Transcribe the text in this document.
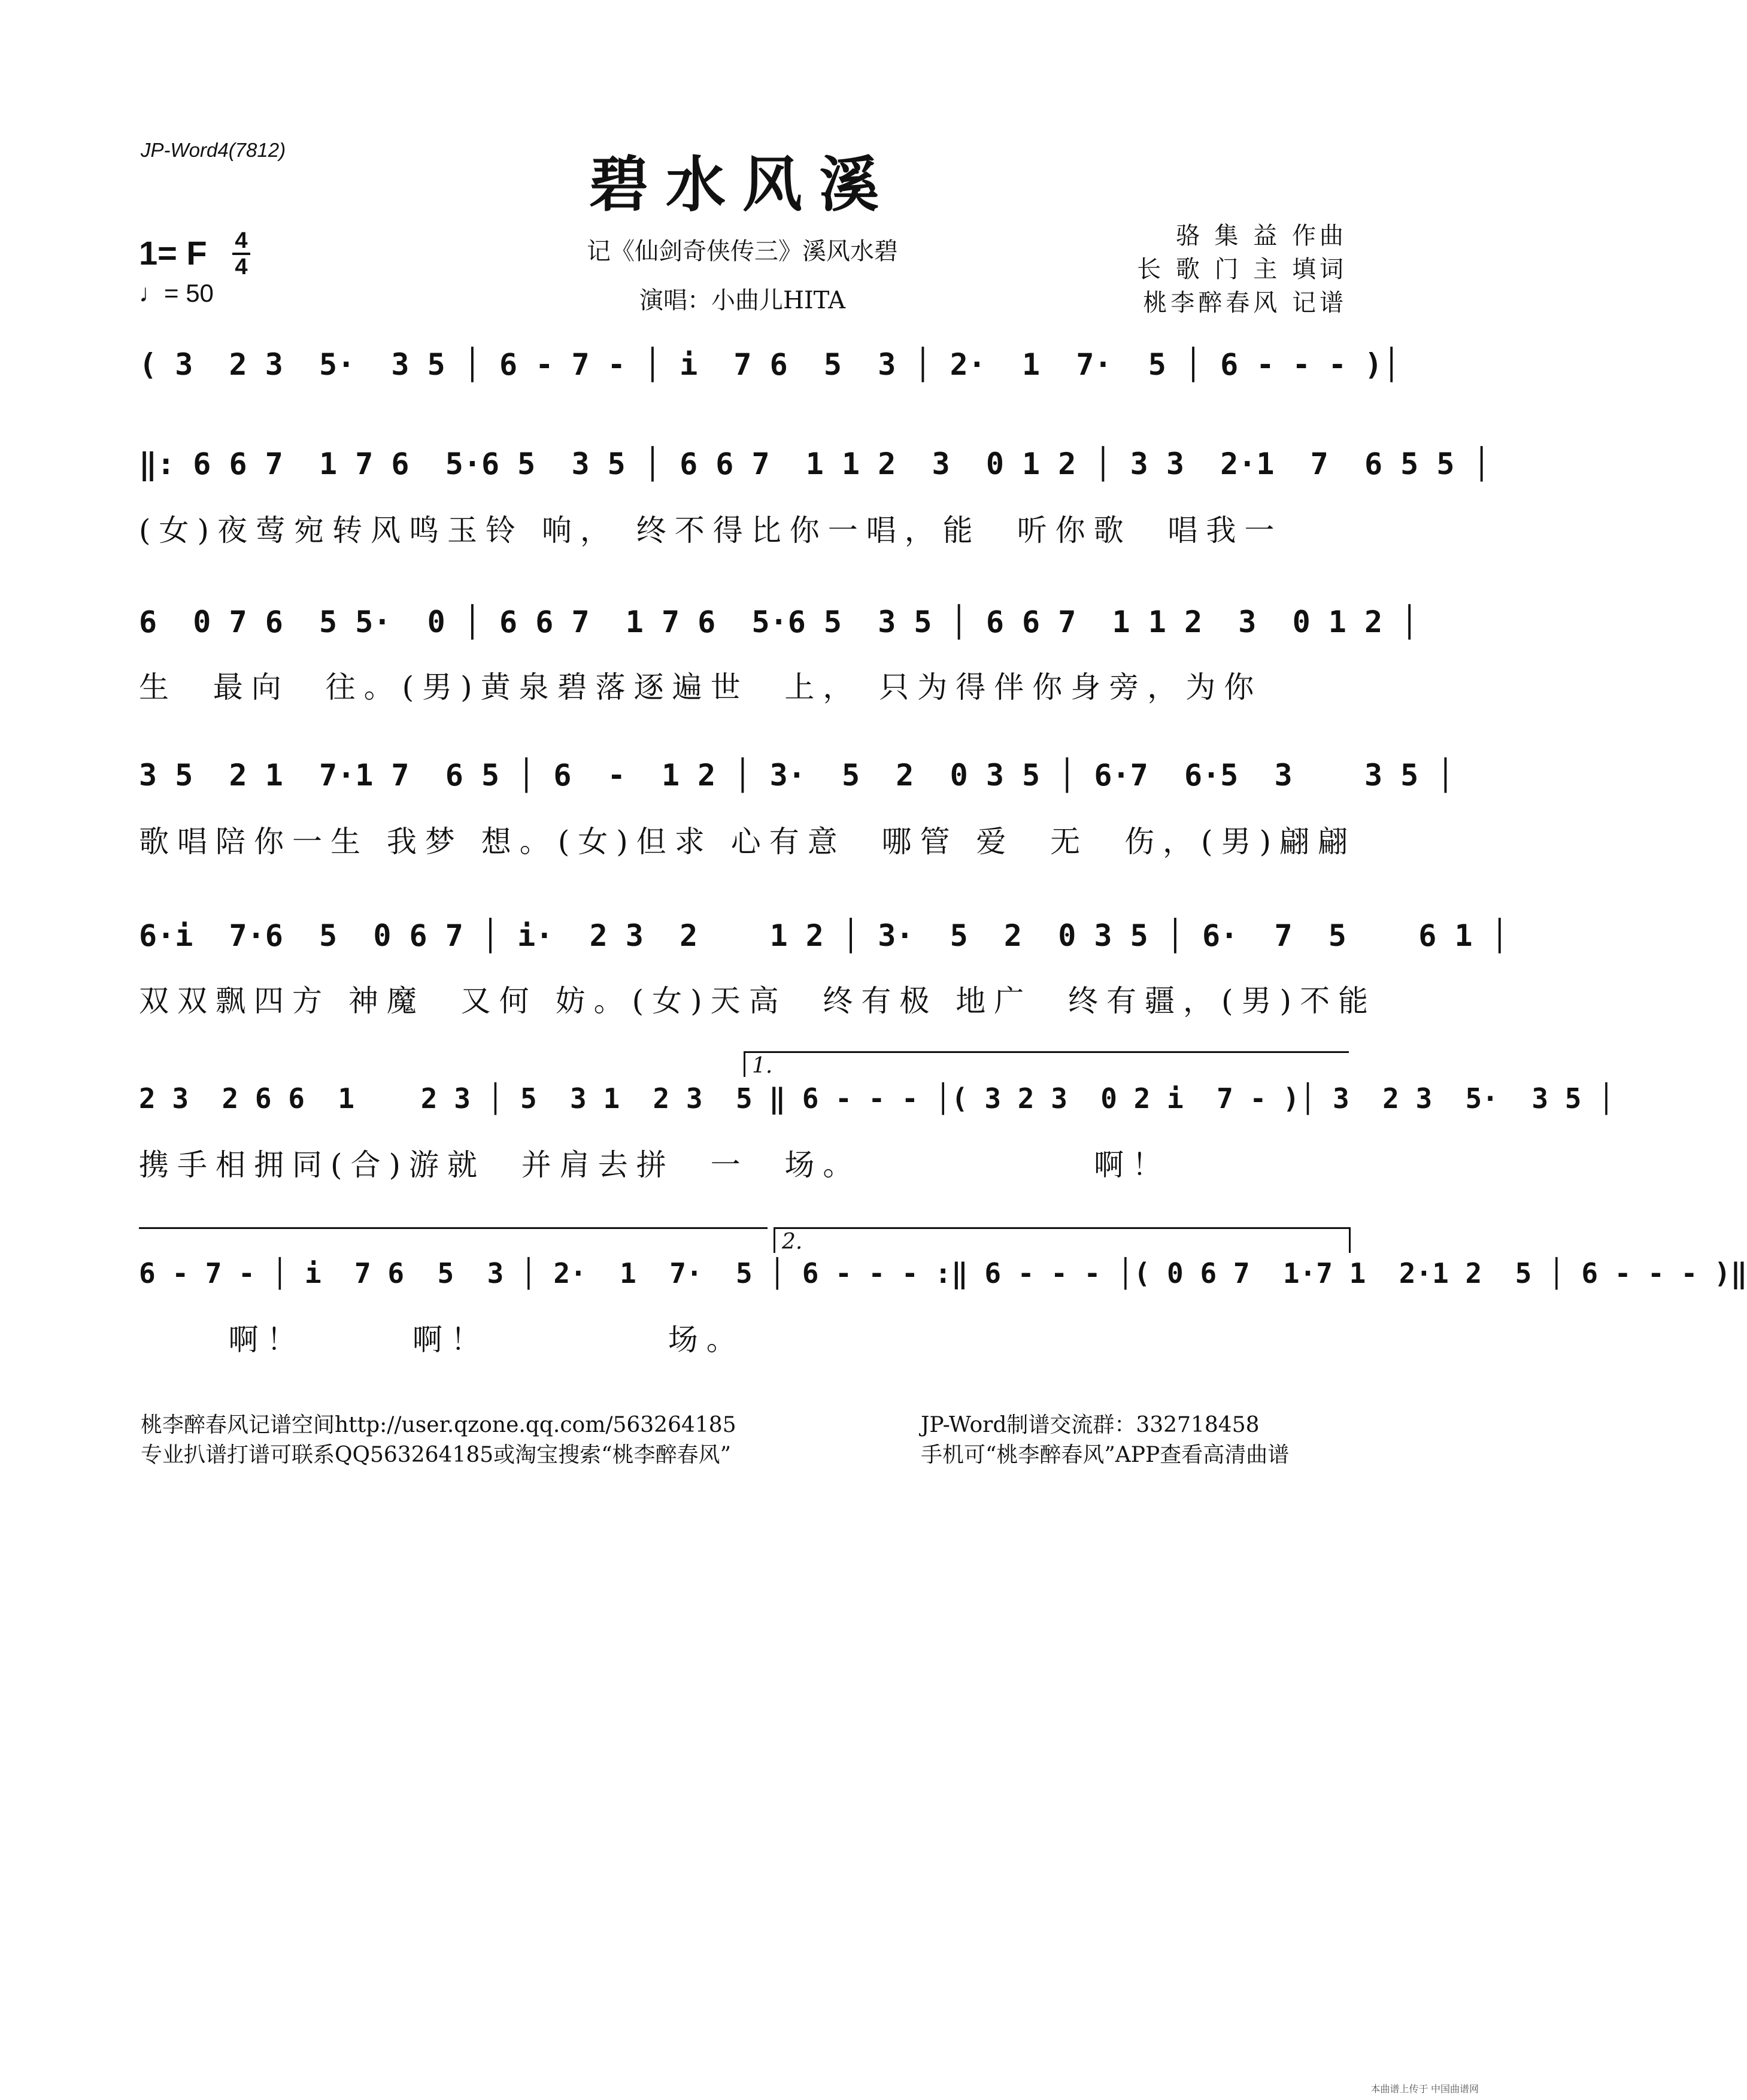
JP-Word4(7812)	碧水风溪
1= F 4
4
♩= 50
记《仙剑奇侠传三》溪风水碧
演唱：小曲儿HITA
骆 集 益 作曲
长 歌 门 主 填词
桃李醉春风 记谱
( 3  2 3  5·  3 5 │ 6 - 7 - │ i  7 6  5  3 │ 2·  1  7·  5 │ 6 - - - )│
‖: 6 6 7  1 7 6  5·6 5  3 5 │ 6 6 7  1 1 2  3  0 1 2 │ 3 3  2·1  7  6 5 5 │
(女)夜莺宛转风鸣玉铃 响， 终不得比你一唱，能  听你歌  唱我一
6  0 7 6  5 5·  0 │ 6 6 7  1 7 6  5·6 5  3 5 │ 6 6 7  1 1 2  3  0 1 2 │
生  最向  往。(男)黄泉碧落逐遍世  上， 只为得伴你身旁，为你
3 5  2 1  7·1 7  6 5 │ 6  -  1 2 │ 3·  5  2  0 3 5 │ 6·7  6·5  3    3 5 │
歌唱陪你一生 我梦 想。(女)但求 心有意  哪管 爱  无  伤，(男)翩翩
6·i  7·6  5  0 6 7 │ i·  2 3  2    1 2 │ 3·  5  2  0 3 5 │ 6·  7  5    6 1 │
双双飘四方 神魔  又何 妨。(女)天高  终有极 地广  终有疆，(男)不能
1.
2 3  2 6 6  1    2 3 │ 5  3 1  2 3  5 ‖ 6 - - - │( 3 2 3  0 2 i  7 - )│ 3  2 3  5·  3 5 │
携手相拥同(合)游就  并肩去拼  一  场。             啊！
2.
6 - 7 - │ i  7 6  5  3 │ 2·  1  7·  5 │ 6 - - - :‖ 6 - - - │( 0 6 7  1·7 1  2·1 2  5 │ 6 - - - )‖
啊！      啊！          场。
桃李醉春风记谱空间http://user.qzone.qq.com/563264185
专业扒谱打谱可联系QQ563264185或淘宝搜索“桃李醉春风”
JP-Word制谱交流群：332718458
手机可“桃李醉春风”APP查看高清曲谱
本曲谱上传于 中国曲谱网
